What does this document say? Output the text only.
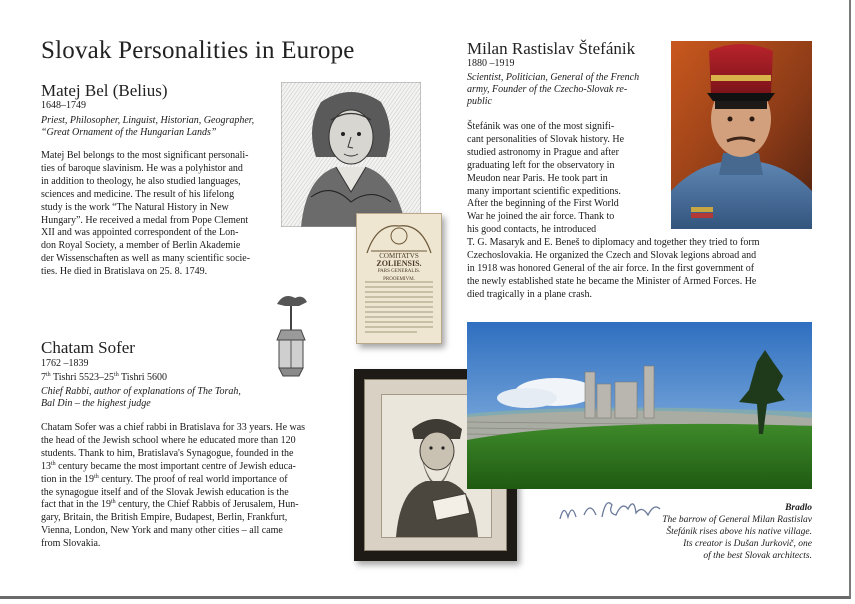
Slovak Personalities in Europe
Matej Bel (Belius)
1648–1749
Priest, Philosopher, Linguist, Historian, Geographer,
“Great Ornament of the Hungarian Lands”
Matej Bel belongs to the most significant personali-
ties of baroque slavinism. He was a polyhistor and
in addition to theology, he also studied languages,
sciences and medicine. The result of his lifelong
study is the work “The Natural History in New
Hungary”. He received a medal from Pope Clement
XII and was appointed correspondent of the Lon-
don Royal Society, a member of Berlin Akademie
der Wissenschaften as well as many scientific socie-
ties. He died in Bratislava on 25. 8. 1749.
COMITATVS
ZOLIENSIS.
PARS GENERALIS.
PROOEMIVM.
Chatam Sofer
1762 –1839
7th Tishri 5523–25th Tishri 5600
Chief Rabbi, author of explanations of The Torah,
Bal Din – the highest judge
Chatam Sofer was a chief rabbi in Bratislava for 33 years. He was
the head of the Jewish school where he educated more than 120
students. Thank to him, Bratislava's Synagogue, founded in the
13th century became the most important centre of Jewish educa-
tion in the 19th century. The proof of real world importance of
the synagogue itself and of the Slovak Jewish education is the
fact that in the 19th century, the Chief Rabbis of Jerusalem, Hun-
gary, Britain, the British Empire, Budapest, Berlin, Frankfurt,
Vienna, London, New York and many other cities – all came
from Slovakia.
Milan Rastislav Štefánik
1880 –1919
Scientist, Politician, General of the French
army, Founder of the Czecho-Slovak re-
public
Štefánik was one of the most signifi-
cant personalities of Slovak history. He
studied astronomy in Prague and after
graduating left for the observatory in
Meudon near Paris. He took part in
many important scientific expeditions.
After the beginning of the First World
War he joined the air force. Thank to
his good contacts, he introduced
T. G. Masaryk and E. Beneš to diplomacy and together they tried to form
Czechoslovakia. He organized the Czech and Slovak legions abroad and
in 1918 was honored General of the air force. In the first government of
the newly established state he became the Minister of Armed Forces. He
died tragically in a plane crash.
Bradlo
The barrow of General Milan Rastislav
Štefánik rises above his native village.
Its creator is Dušan Jurkovič, one
of the best Slovak architects.
